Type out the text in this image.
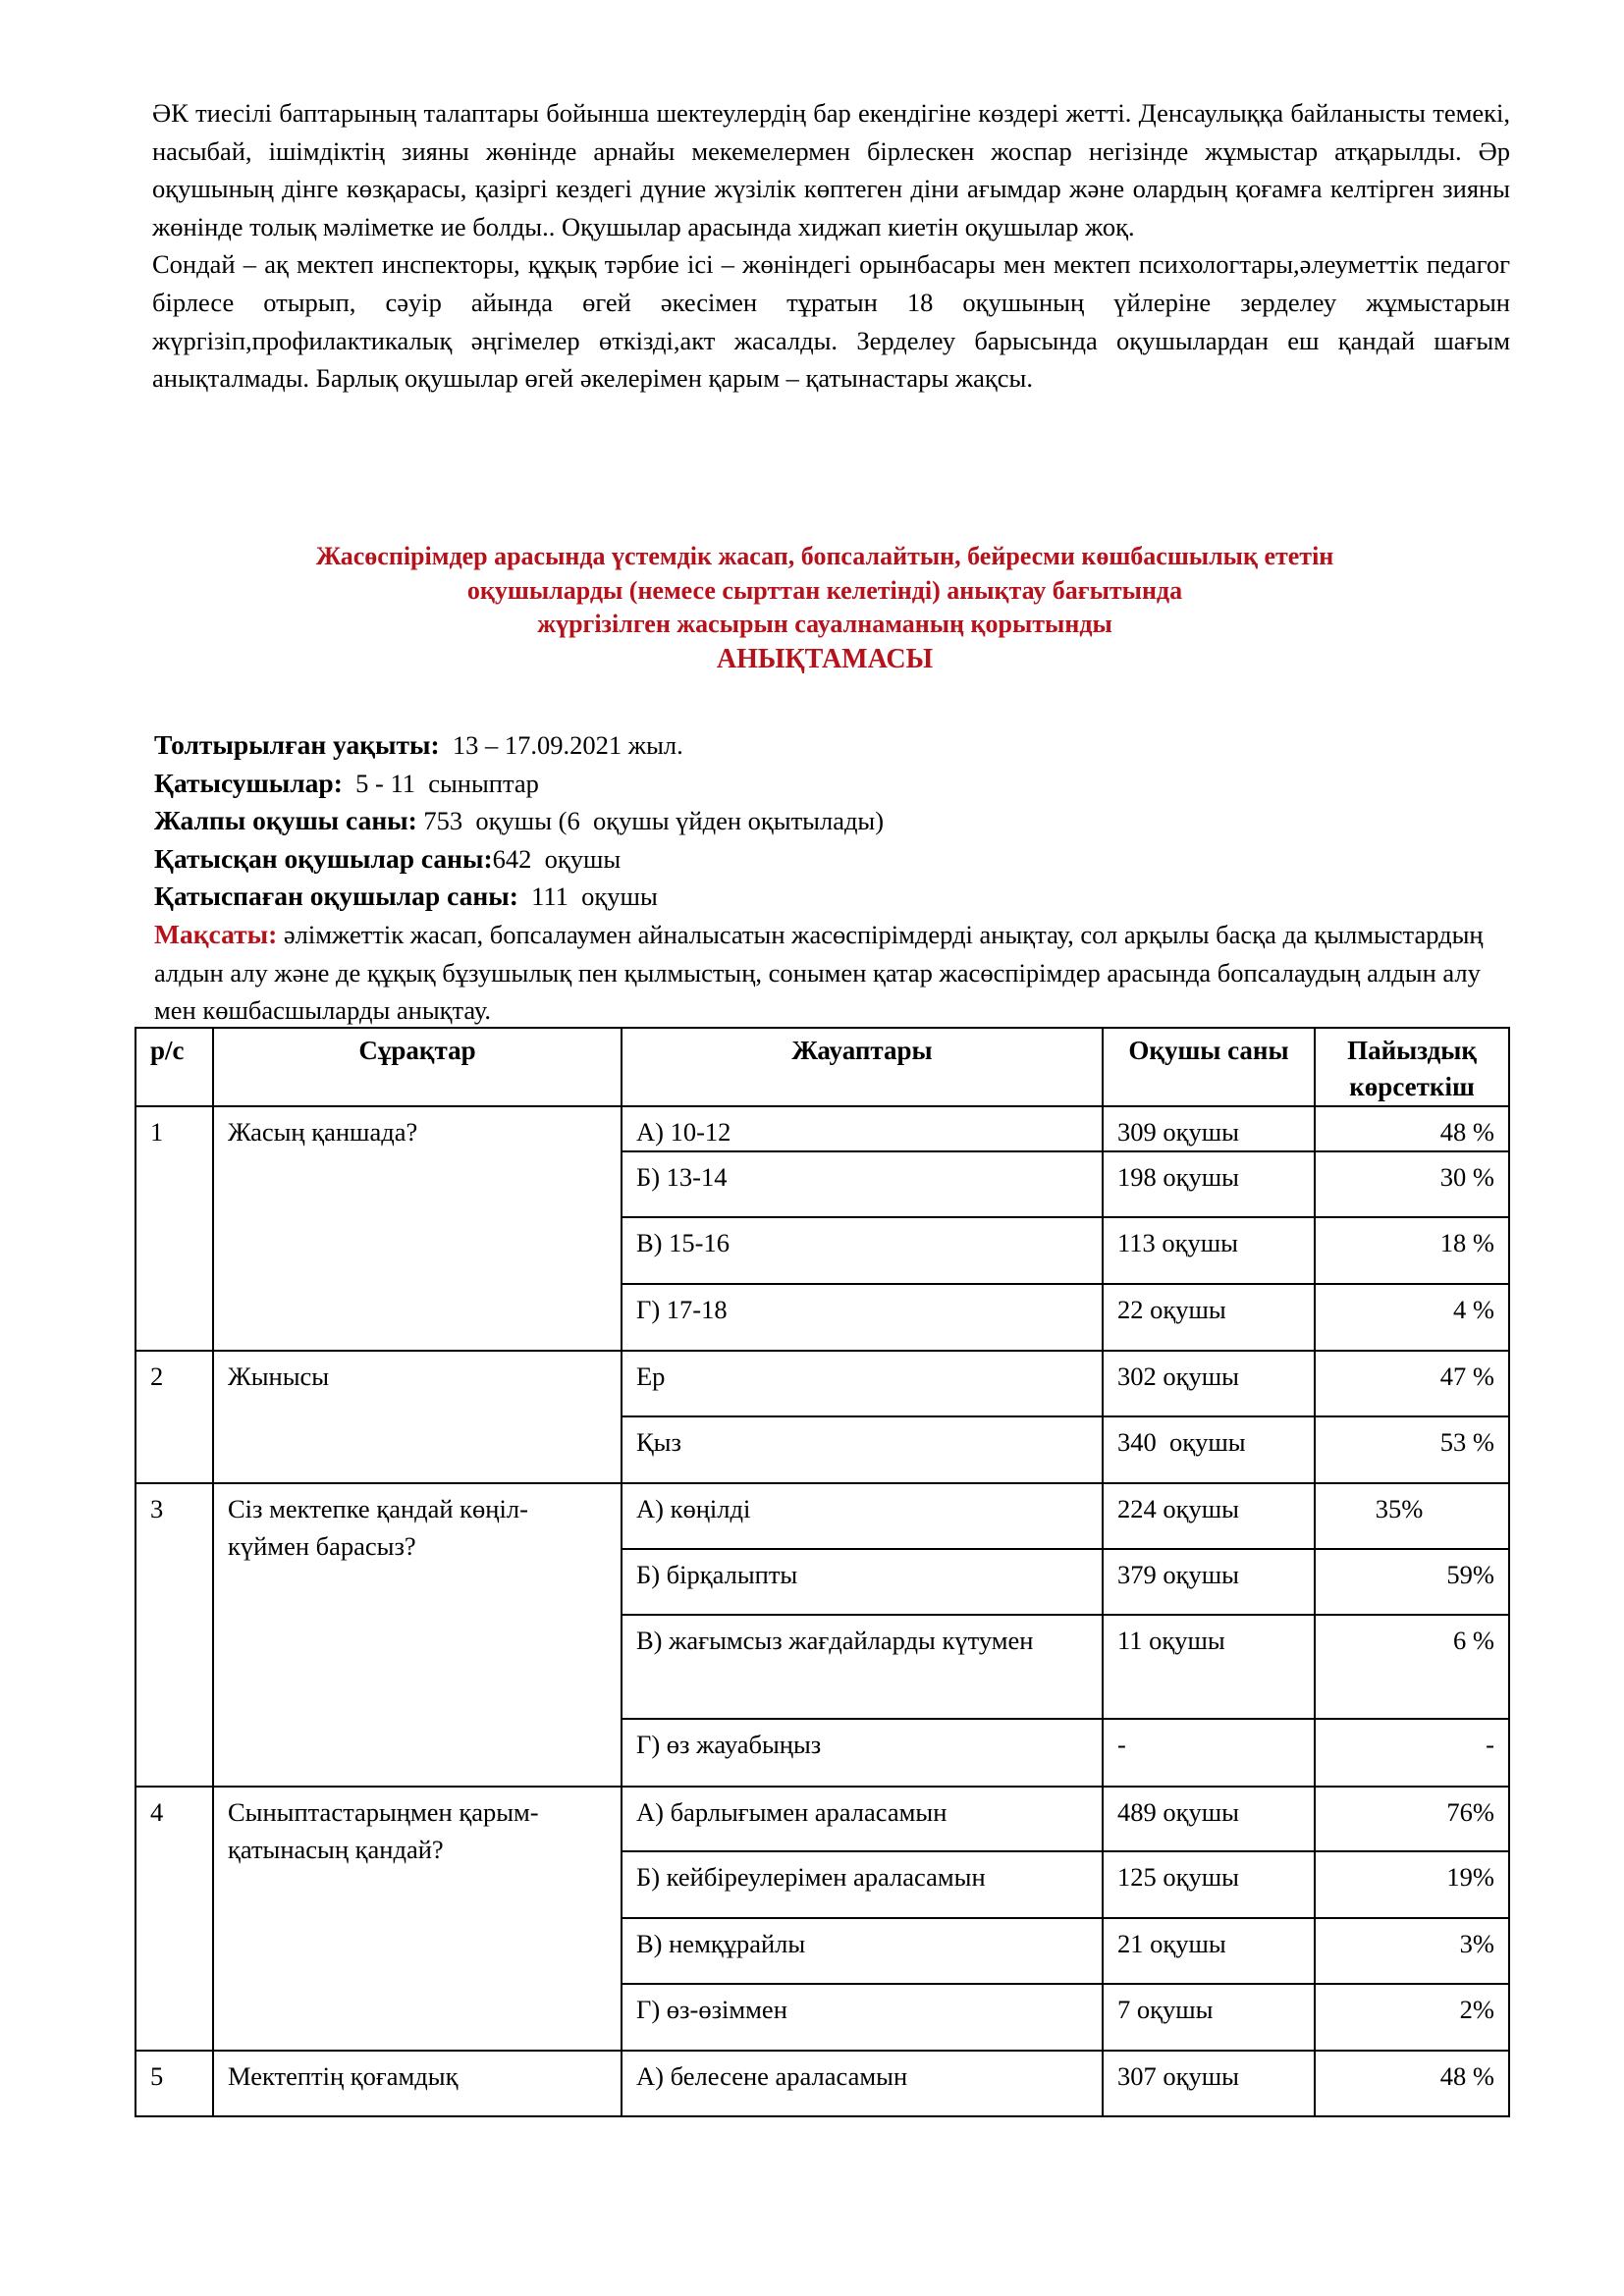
ӘК тиесілі баптарының талаптары бойынша шектеулердің бар екендігіне көздері жетті. Денсаулыққа байланысты темекі, насыбай, ішімдіктің зияны жөнінде арнайы мекемелермен бірлескен жоспар негізінде жұмыстар атқарылды. Әр оқушының дінге көзқарасы, қазіргі кездегі дүние жүзілік көптеген діни ағымдар және олардың қоғамға келтірген зияны жөнінде толық мәліметке ие болды.. Оқушылар арасында хиджап киетін оқушылар жоқ.

Сондай – ақ мектеп инспекторы, құқық тәрбие ісі – жөніндегі орынбасары мен мектеп психологтары,әлеуметтік педагог бірлесе отырып, сәуір айында өгей әкесімен тұратын 18 оқушының үйлеріне зерделеу жұмыстарын жүргізіп,профилактикалық әңгімелер өткізді,акт жасалды. Зерделеу барысында оқушылардан еш қандай шағым анықталмады. Барлық оқушылар өгей әкелерімен қарым – қатынастары жақсы.

Жасөспірімдер арасында үстемдік жасап, бопсалайтын, бейресми көшбасшылық ететін
оқушыларды (немесе сырттан келетінді) анықтау бағытында
жүргізілген жасырын сауалнаманың қорытынды
АНЫҚТАМАСЫ
Толтырылған уақыты:  13 – 17.09.2021 жыл.
Қатысушылар:  5 - 11  сыныптар
Жалпы оқушы саны: 753  оқушы (6  оқушы үйден оқытылады)
Қатысқан оқушылар саны:642  оқушы
Қатыспаған оқушылар саны:  111  оқушы
Мақсаты: әлімжеттік жасап, бопсалаумен айналысатын жасөспірімдерді анықтау, сол арқылы басқа да қылмыстардың алдын алу және де құқық бұзушылық пен қылмыстың, сонымен қатар жасөспірімдер арасында бопсалаудың алдын алу мен көшбасшыларды анықтау.
р/с	Сұрақтар	Жауаптары	Оқушы саны	Пайыздық көрсеткіш
1	Жасың қаншада?	А) 10-12	309 оқушы	48 %
		Б) 13-14	198 оқушы	30 %
		В) 15-16	113 оқушы	18 %
		Г) 17-18	22 оқушы	4 %
2	Жынысы	Ер	302 оқушы	47 %
		Қыз	340  оқушы	53 %
3	Сіз мектепке қандай көңіл-күймен барасыз?	А) көңілді	224 оқушы	35%
		Б) бірқалыпты	379 оқушы	59%
		В) жағымсыз жағдайларды күтумен	11 оқушы	6 %
		Г) өз жауабыңыз	-	-
4	Сыныптастарыңмен қарым-қатынасың қандай?	А) барлығымен араласамын	489 оқушы	76%
		Б) кейбіреулерімен араласамын	125 оқушы	19%
		В) немқұрайлы	21 оқушы	3%
		Г) өз-өзіммен	7 оқушы	2%
5	Мектептің қоғамдық	А) белесене араласамын	307 оқушы	48 %
